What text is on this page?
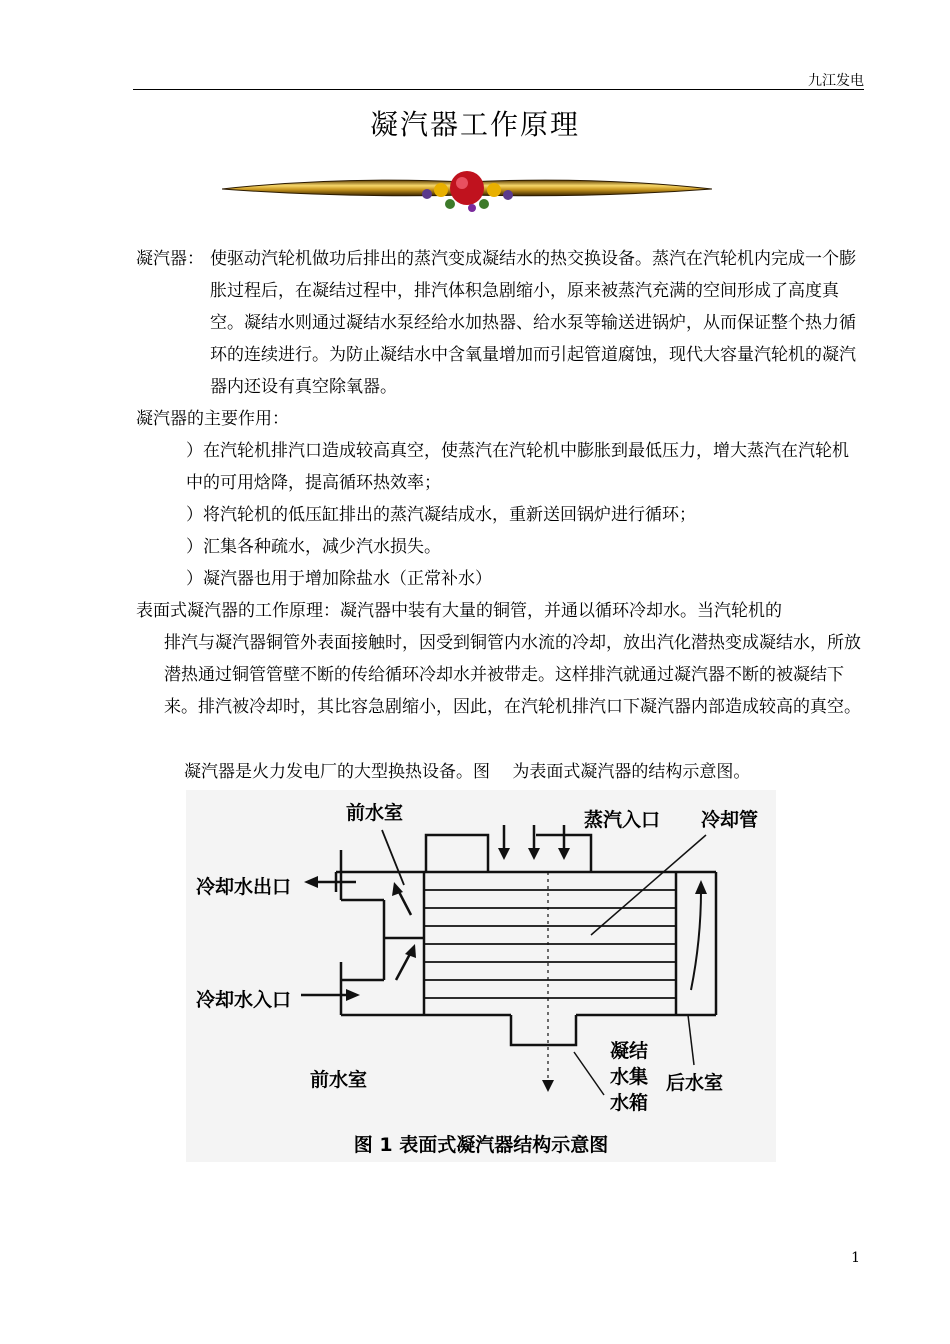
九江发电
凝汽器工作原理
凝汽器： 使驱动汽轮机做功后排出的蒸汽变成凝结水的热交换设备。蒸汽在汽轮机内完成一个膨胀过程后，在凝结过程中，排汽体积急剧缩小，原来被蒸汽充满的空间形成了高度真空。凝结水则通过凝结水泵经给水加热器、给水泵等输送进锅炉，从而保证整个热力循环的连续进行。为防止凝结水中含氧量增加而引起管道腐蚀，现代大容量汽轮机的凝汽器内还设有真空除氧器。
凝汽器的主要作用：
）在汽轮机排汽口造成较高真空，使蒸汽在汽轮机中膨胀到最低压力，增大蒸汽在汽轮机中的可用焓降，提高循环热效率；
）将汽轮机的低压缸排出的蒸汽凝结成水，重新送回锅炉进行循环；
）汇集各种疏水，减少汽水损失。
）凝汽器也用于增加除盐水（正常补水）
表面式凝汽器的工作原理：凝汽器中装有大量的铜管，并通以循环冷却水。当汽轮机的
排汽与凝汽器铜管外表面接触时，因受到铜管内水流的冷却，放出汽化潜热变成凝结水，所放潜热通过铜管管壁不断的传给循环冷却水并被带走。这样排汽就通过凝汽器不断的被凝结下来。排汽被冷却时，其比容急剧缩小，因此，在汽轮机排汽口下凝汽器内部造成较高的真空。
凝汽器是火力发电厂的大型换热设备。图　 为表面式凝汽器的结构示意图。
前水室	蒸汽入口 冷却管
冷却水出口
冷却水入口
前水室
凝结
水集
水箱
后水室
图 1 表面式凝汽器结构示意图
1
